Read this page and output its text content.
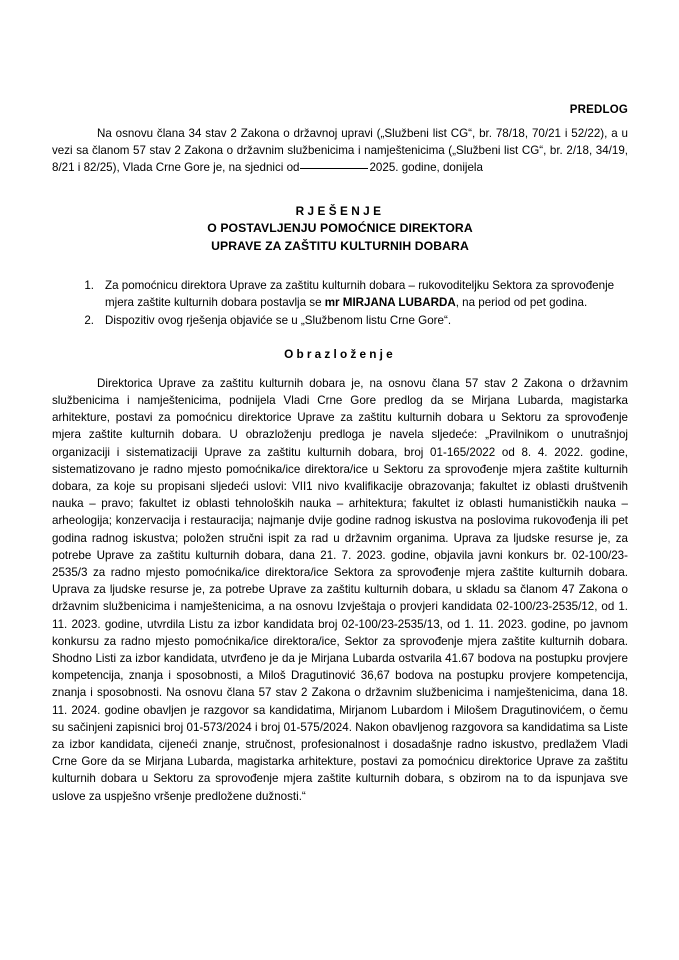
PREDLOG

Na osnovu člana 34 stav 2 Zakona o državnoj upravi („Službeni list CG“, br. 78/18, 70/21 i 52/22), a u vezi sa članom 57 stav 2 Zakona o državnim službenicima i namještenicima („Službeni list CG“, br. 2/18, 34/19, 8/21 i 82/25), Vlada Crne Gore je, na sjednici od	2025. godine, donijela

RJEŠENJE
O POSTAVLJENJU POMOĆNICE DIREKTORA
UPRAVE ZA ZAŠTITU KULTURNIH DOBARA
1. Za pomoćnicu direktora Uprave za zaštitu kulturnih dobara – rukovoditeljku Sektora za sprovođenje mjera zaštite kulturnih dobara postavlja se mr MIRJANA LUBARDA, na period od pet godina.
2. Dispozitiv ovog rješenja objaviće se u „Službenom listu Crne Gore“.
Obrazloženje

Direktorica Uprave za zaštitu kulturnih dobara je, na osnovu člana 57 stav 2 Zakona o državnim službenicima i namještenicima, podnijela Vladi Crne Gore predlog da se Mirjana Lubarda, magistarka arhitekture, postavi za pomoćnicu direktorice Uprave za zaštitu kulturnih dobara u Sektoru za sprovođenje mjera zaštite kulturnih dobara. U obrazloženju predloga je navela sljedeće: „Pravilnikom o unutrašnjoj organizaciji i sistematizaciji Uprave za zaštitu kulturnih dobara, broj 01-165/2022 od 8. 4. 2022. godine, sistematizovano je radno mjesto pomoćnika/ice direktora/ice u Sektoru za sprovođenje mjera zaštite kulturnih dobara, za koje su propisani sljedeći uslovi: VII1 nivo kvalifikacije obrazovanja; fakultet iz oblasti društvenih nauka – pravo; fakultet iz oblasti tehnoloških nauka – arhitektura; fakultet iz oblasti humanističkih nauka – arheologija; konzervacija i restauracija; najmanje dvije godine radnog iskustva na poslovima rukovođenja ili pet godina radnog iskustva; položen stručni ispit za rad u državnim organima. Uprava za ljudske resurse je, za potrebe Uprave za zaštitu kulturnih dobara, dana 21. 7. 2023. godine, objavila javni konkurs br. 02-100/23-2535/3 za radno mjesto pomoćnika/ice direktora/ice Sektora za sprovođenje mjera zaštite kulturnih dobara. Uprava za ljudske resurse je, za potrebe Uprave za zaštitu kulturnih dobara, u skladu sa članom 47 Zakona o državnim službenicima i namještenicima, a na osnovu Izvještaja o provjeri kandidata 02-100/23-2535/12, od 1. 11. 2023. godine, utvrdila Listu za izbor kandidata broj 02-100/23-2535/13, od 1. 11. 2023. godine, po javnom konkursu za radno mjesto pomoćnika/ice direktora/ice, Sektor za sprovođenje mjera zaštite kulturnih dobara. Shodno Listi za izbor kandidata, utvrđeno je da je Mirjana Lubarda ostvarila 41.67 bodova na postupku provjere kompetencija, znanja i sposobnosti, a Miloš Dragutinović 36,67 bodova na postupku provjere kompetencija, znanja i sposobnosti. Na osnovu člana 57 stav 2 Zakona o državnim službenicima i namještenicima, dana 18. 11. 2024. godine obavljen je razgovor sa kandidatima, Mirjanom Lubardom i Milošem Dragutinovićem, o čemu su sačinjeni zapisnici broj 01-573/2024 i broj 01-575/2024. Nakon obavljenog razgovora sa kandidatima sa Liste za izbor kandidata, cijeneći znanje, stručnost, profesionalnost i dosadašnje radno iskustvo, predlažem Vladi Crne Gore da se Mirjana Lubarda, magistarka arhitekture, postavi za pomoćnicu direktorice Uprave za zaštitu kulturnih dobara u Sektoru za sprovođenje mjera zaštite kulturnih dobara, s obzirom na to da ispunjava sve uslove za uspješno vršenje predložene dužnosti.“
